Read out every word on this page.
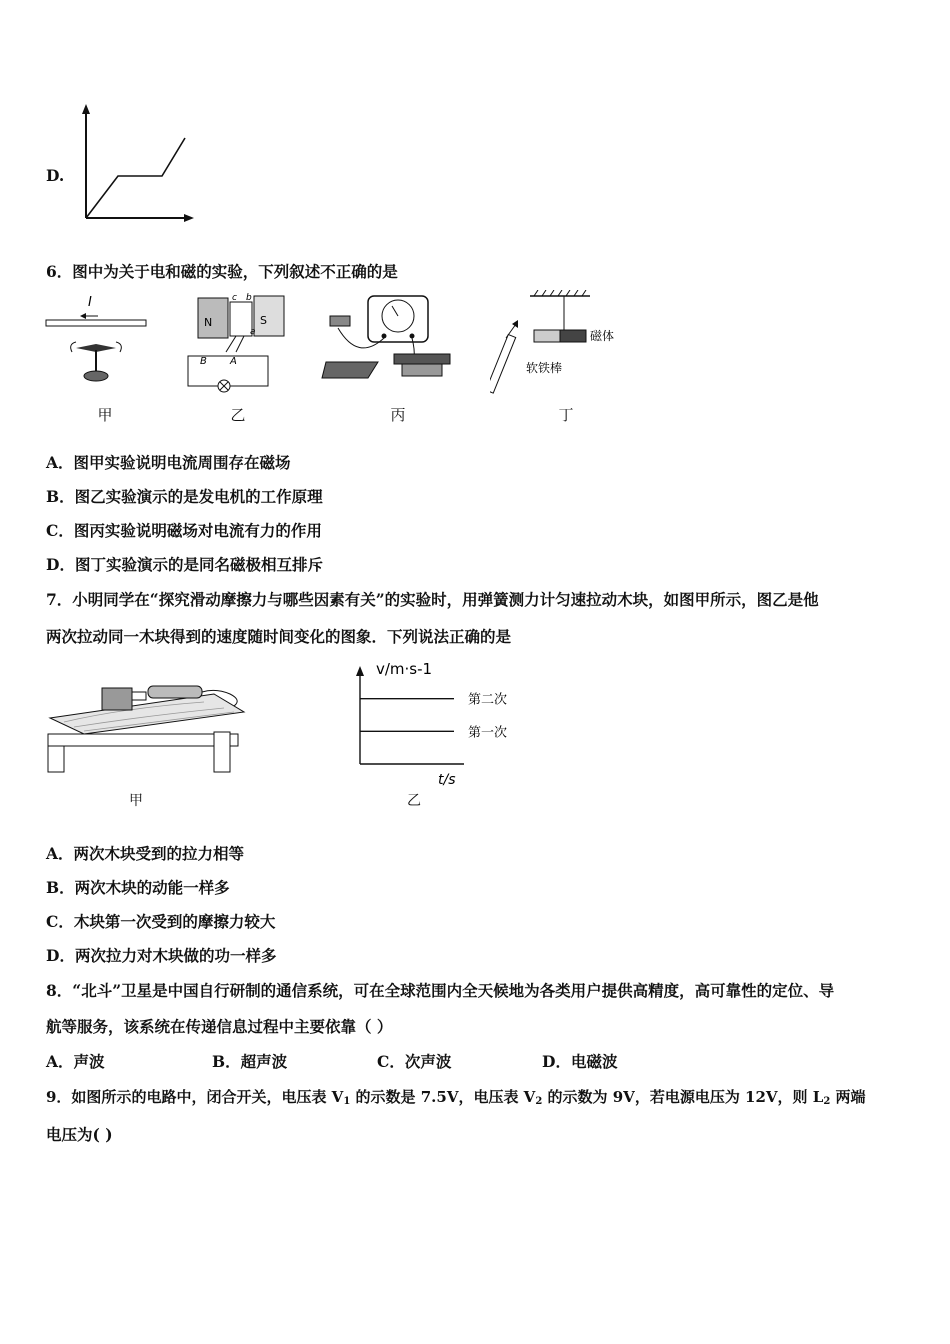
D.
6．图中为关于电和磁的实验，下列叙述不正确的是
I
甲
N	S
c b
a
B A
乙	丙
磁体
软铁棒
丁
A．图甲实验说明电流周围存在磁场
B．图乙实验演示的是发电机的工作原理
C．图丙实验说明磁场对电流有力的作用
D．图丁实验演示的是同名磁极相互排斥
7．小明同学在“探究滑动摩擦力与哪些因素有关”的实验时，用弹簧测力计匀速拉动木块，如图甲所示，图乙是他
两次拉动同一木块得到的速度随时间变化的图象．下列说法正确的是
甲
v/m·s-1
t/s
第二次
第一次
乙
A．两次木块受到的拉力相等
B．两次木块的动能一样多
C．木块第一次受到的摩擦力较大
D．两次拉力对木块做的功一样多
8．“北斗”卫星是中国自行研制的通信系统，可在全球范围内全天候地为各类用户提供高精度，高可靠性的定位、导
航等服务，该系统在传递信息过程中主要依靠（ ）
A．声波	B．超声波	C．次声波	D．电磁波
9．如图所示的电路中，闭合开关，电压表 $V_1$ 的示数是 7.5V，电压表 $V_2$ 的示数为 9V，若电源电压为 12V，则 $L_2$ 两端
电压为( )
